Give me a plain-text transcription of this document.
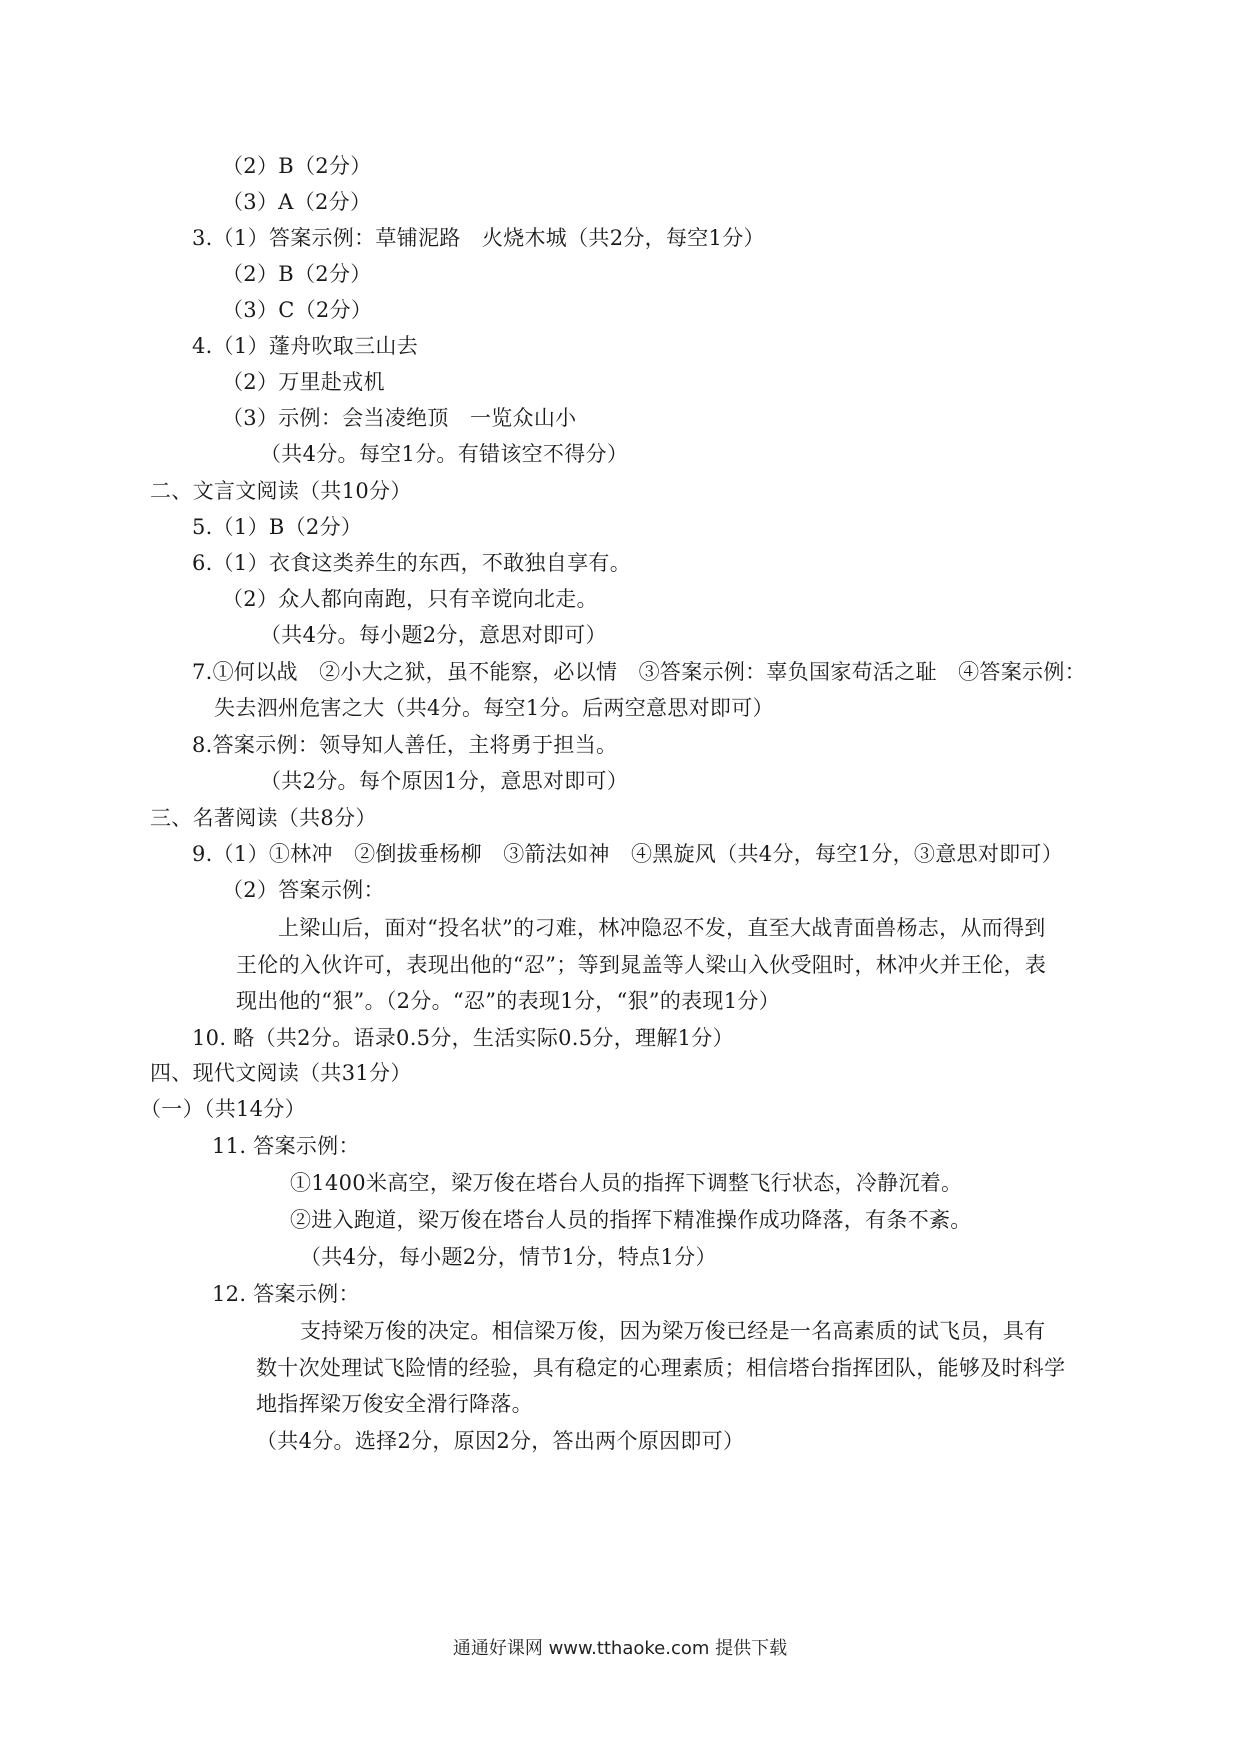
（2）B（2分）
（3）A（2分）
3.（1）答案示例：草铺泥路　火烧木城（共2分，每空1分）
（2）B（2分）
（3）C（2分）
4.（1）蓬舟吹取三山去
（2）万里赴戎机
（3）示例：会当凌绝顶　一览众山小
（共4分。每空1分。有错该空不得分）
二、文言文阅读（共10分）
5.（1）B（2分）
6.（1）衣食这类养生的东西，不敢独自享有。
（2）众人都向南跑，只有辛谠向北走。
（共4分。每小题2分，意思对即可）
7.①何以战　②小大之狱，虽不能察，必以情　③答案示例：辜负国家苟活之耻　④答案示例：
失去泗州危害之大（共4分。每空1分。后两空意思对即可）
8.答案示例：领导知人善任，主将勇于担当。
（共2分。每个原因1分，意思对即可）
三、名著阅读（共8分）
9.（1）①林冲　②倒拔垂杨柳　③箭法如神　④黑旋风（共4分，每空1分，③意思对即可）
（2）答案示例：
上梁山后，面对“投名状”的刁难，林冲隐忍不发，直至大战青面兽杨志，从而得到
王伦的入伙许可，表现出他的“忍”；等到晁盖等人梁山入伙受阻时，林冲火并王伦，表
现出他的“狠”。（2分。“忍”的表现1分，“狠”的表现1分）
10. 略（共2分。语录0.5分，生活实际0.5分，理解1分）
四、现代文阅读（共31分）
（一）（共14分）
11. 答案示例：
①1400米高空，梁万俊在塔台人员的指挥下调整飞行状态，冷静沉着。
②进入跑道，梁万俊在塔台人员的指挥下精准操作成功降落，有条不紊。
（共4分，每小题2分，情节1分，特点1分）
12. 答案示例：
支持梁万俊的决定。相信梁万俊，因为梁万俊已经是一名高素质的试飞员，具有
数十次处理试飞险情的经验，具有稳定的心理素质；相信塔台指挥团队，能够及时科学
地指挥梁万俊安全滑行降落。
（共4分。选择2分，原因2分，答出两个原因即可）
通通好课网 www.tthaoke.com 提供下载
